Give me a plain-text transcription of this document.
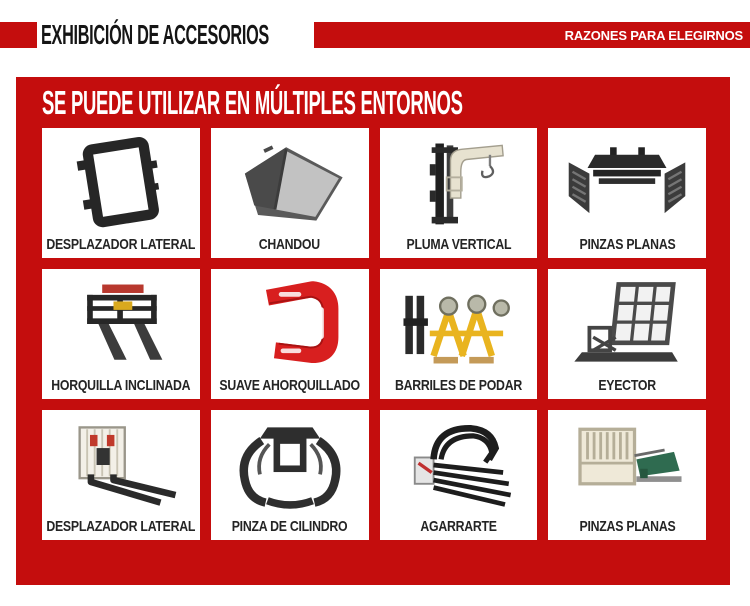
EXHIBICIÓN DE ACCESORIOS	RAZONES PARA ELEGIRNOS
SE PUEDE UTILIZAR EN MÚLTIPLES ENTORNOS
DESPLAZADOR LATERAL	CHANDOU	PLUMA VERTICAL	PINZAS PLANAS
HORQUILLA INCLINADA SUAVE AHORQUILLADO BARRILES DE PODAR	EYECTOR
DESPLAZADOR LATERAL PINZA DE CILINDRO	AGARRARTE	PINZAS PLANAS
